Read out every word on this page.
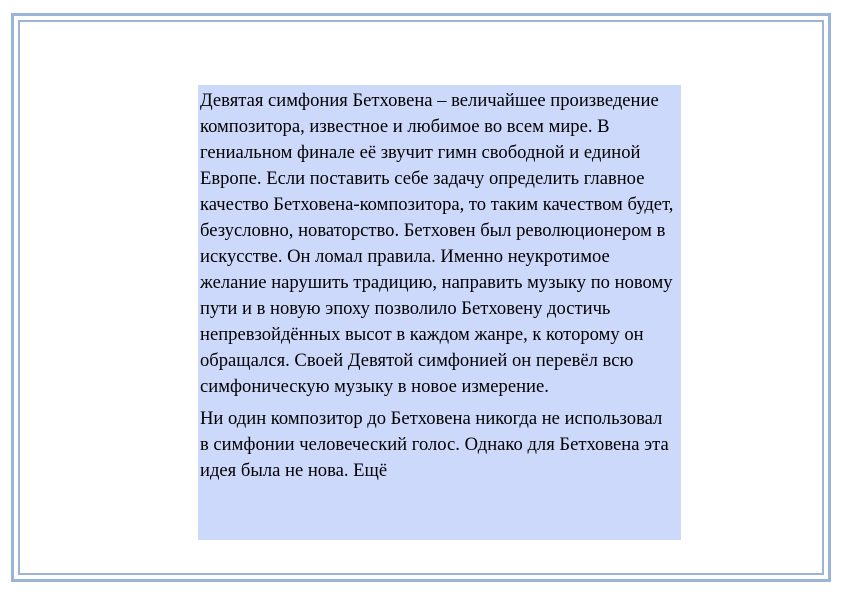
Девятая симфония Бетховена – величайшее произведение композитора, известное и любимое во всем мире. В гениальном финале её звучит гимн свободной и единой Европе. Если поставить себе задачу определить главное качество Бетховена-композитора, то таким качеством будет, безусловно, новаторство. Бетховен был революционером в искусстве. Он ломал правила. Именно неукротимое желание нарушить традицию, направить музыку по новому пути и в новую эпоху позволило Бетховену достичь непревзойдённых высот в каждом жанре, к которому он обращался. Своей Девятой симфонией он перевёл всю симфоническую музыку в новое измерение.

Ни один композитор до Бетховена никогда не использовал в симфонии человеческий голос. Однако для Бетховена эта идея была не нова. Ещё
